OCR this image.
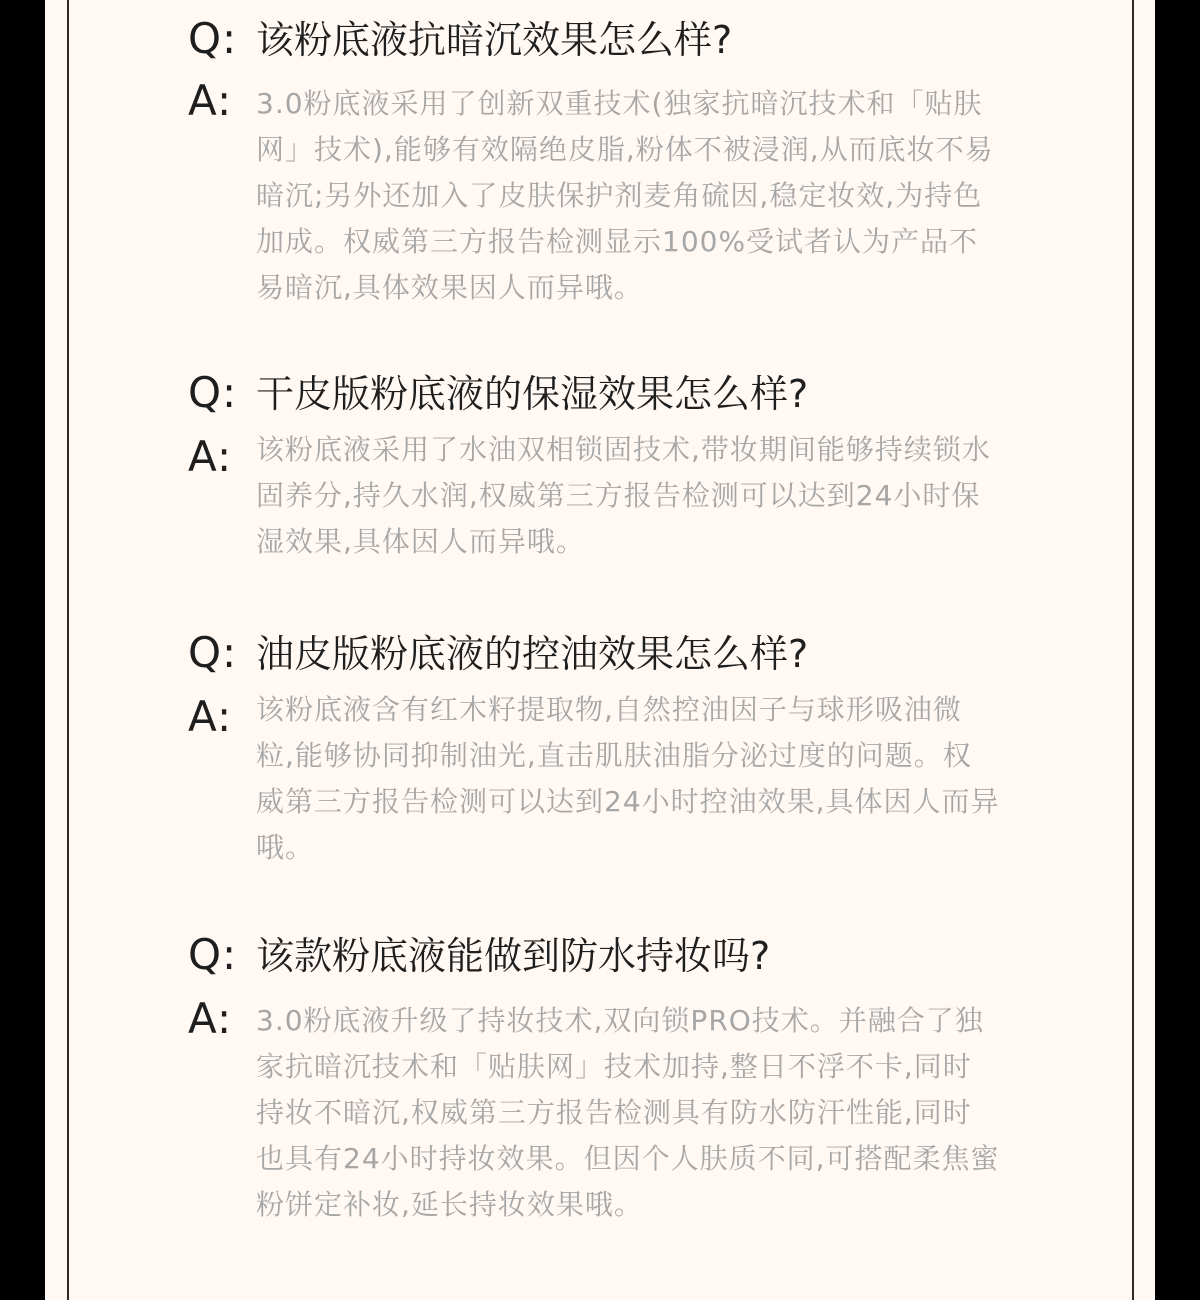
Q: 该粉底液抗暗沉效果怎么样?

3.0粉底液采用了创新双重技术(独家抗暗沉技术和「贴肤网」技术),能够有效隔绝皮脂,粉体不被浸润,从而底妆不易暗沉;另外还加入了皮肤保护剂麦角硫因,稳定妆效,为持色加成。权威第三方报告检测显示100%受试者认为产品不易暗沉,具体效果因人而异哦。

A:
Q: 干皮版粉底液的保湿效果怎么样?

该粉底液采用了水油双相锁固技术,带妆期间能够持续锁水固养分,持久水润,权威第三方报告检测可以达到24小时保湿效果,具体因人而异哦。

A:
Q: 油皮版粉底液的控油效果怎么样?

该粉底液含有红木籽提取物,自然控油因子与球形吸油微粒,能够协同抑制油光,直击肌肤油脂分泌过度的问题。权威第三方报告检测可以达到24小时控油效果,具体因人而异哦。

A:
Q: 该款粉底液能做到防水持妆吗?

3.0粉底液升级了持妆技术,双向锁PRO技术。并融合了独家抗暗沉技术和「贴肤网」技术加持,整日不浮不卡,同时持妆不暗沉,权威第三方报告检测具有防水防汗性能,同时也具有24小时持妆效果。但因个人肤质不同,可搭配柔焦蜜粉饼定补妆,延长持妆效果哦。

A:
